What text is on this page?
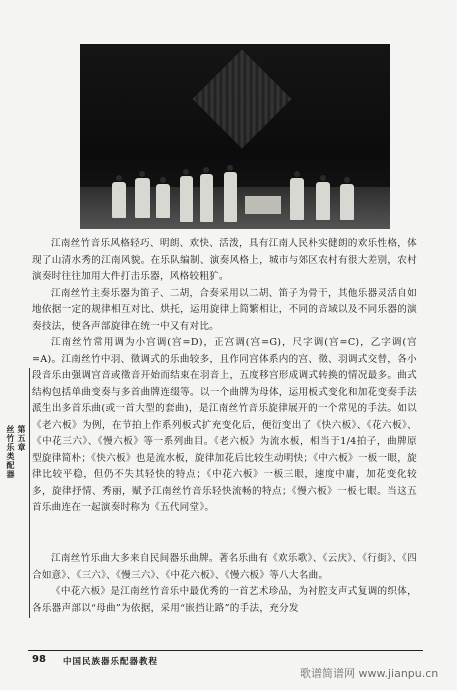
江南丝竹音乐风格轻巧、明朗、欢快、活泼，具有江南人民朴实健朗的欢乐性格，体现了山清水秀的江南风貌。在乐队编制、演奏风格上，城市与郊区农村有很大差别，农村演奏时往往加用大件打击乐器，风格较粗犷。

江南丝竹主奏乐器为笛子、二胡，合奏采用以二胡、笛子为骨干，其他乐器灵活自如地依据一定的规律相互对比、烘托，运用旋律上简繁相让，不同的音域以及不同乐器的演奏技法，使各声部旋律在统一中又有对比。

江南丝竹常用调为小宫调(宫=D)，正宫调(宫=G)，尺字调(宫=C)，乙字调(宫=A)。江南丝竹中羽、徵调式的乐曲较多，且作同宫体系内的宫、徵、羽调式交替，各小段音乐由强调宫音或徵音开始而结束在羽音上，五度移宫形成调式转换的情况最多。曲式结构包括单曲变奏与多首曲牌连缀等。以一个曲牌为母体，运用板式变化和加花变奏手法派生出多首乐曲(或一首大型的套曲)，是江南丝竹音乐旋律展开的一个常见的手法。如以《老六板》为例，在节拍上作系列板式扩充变化后，便衍变出了《快六板》、《花六板》、《中花三六》、《慢六板》等一系列曲目。《老六板》为流水板，相当于1/4拍子，曲牌原型旋律简朴；《快六板》也是流水板，旋律加花后比较生动明快；《中六板》一板一眼，旋律比较平稳，但仍不失其轻快的特点；《中花六板》一板三眼，速度中庸，加花变化较多，旋律抒情、秀丽，赋予江南丝竹音乐轻快流畅的特点；《慢六板》一板七眼。当这五首乐曲连在一起演奏时称为《五代同堂》。

江南丝竹乐曲大多来自民间器乐曲牌。著名乐曲有《欢乐歌》、《云庆》、《行街》、《四合如意》、《三六》、《慢三六》、《中花六板》、《慢六板》等八大名曲。

《中花六板》是江南丝竹音乐中最优秀的一首艺术珍品，为衬腔支声式复调的织体，各乐器声部以“母曲”为依据，采用“嵌挡让路”的手法，充分发

第五章
丝竹乐类配器
98 中国民族器乐配器教程
歌谱简谱网 www.jianpu.cn
